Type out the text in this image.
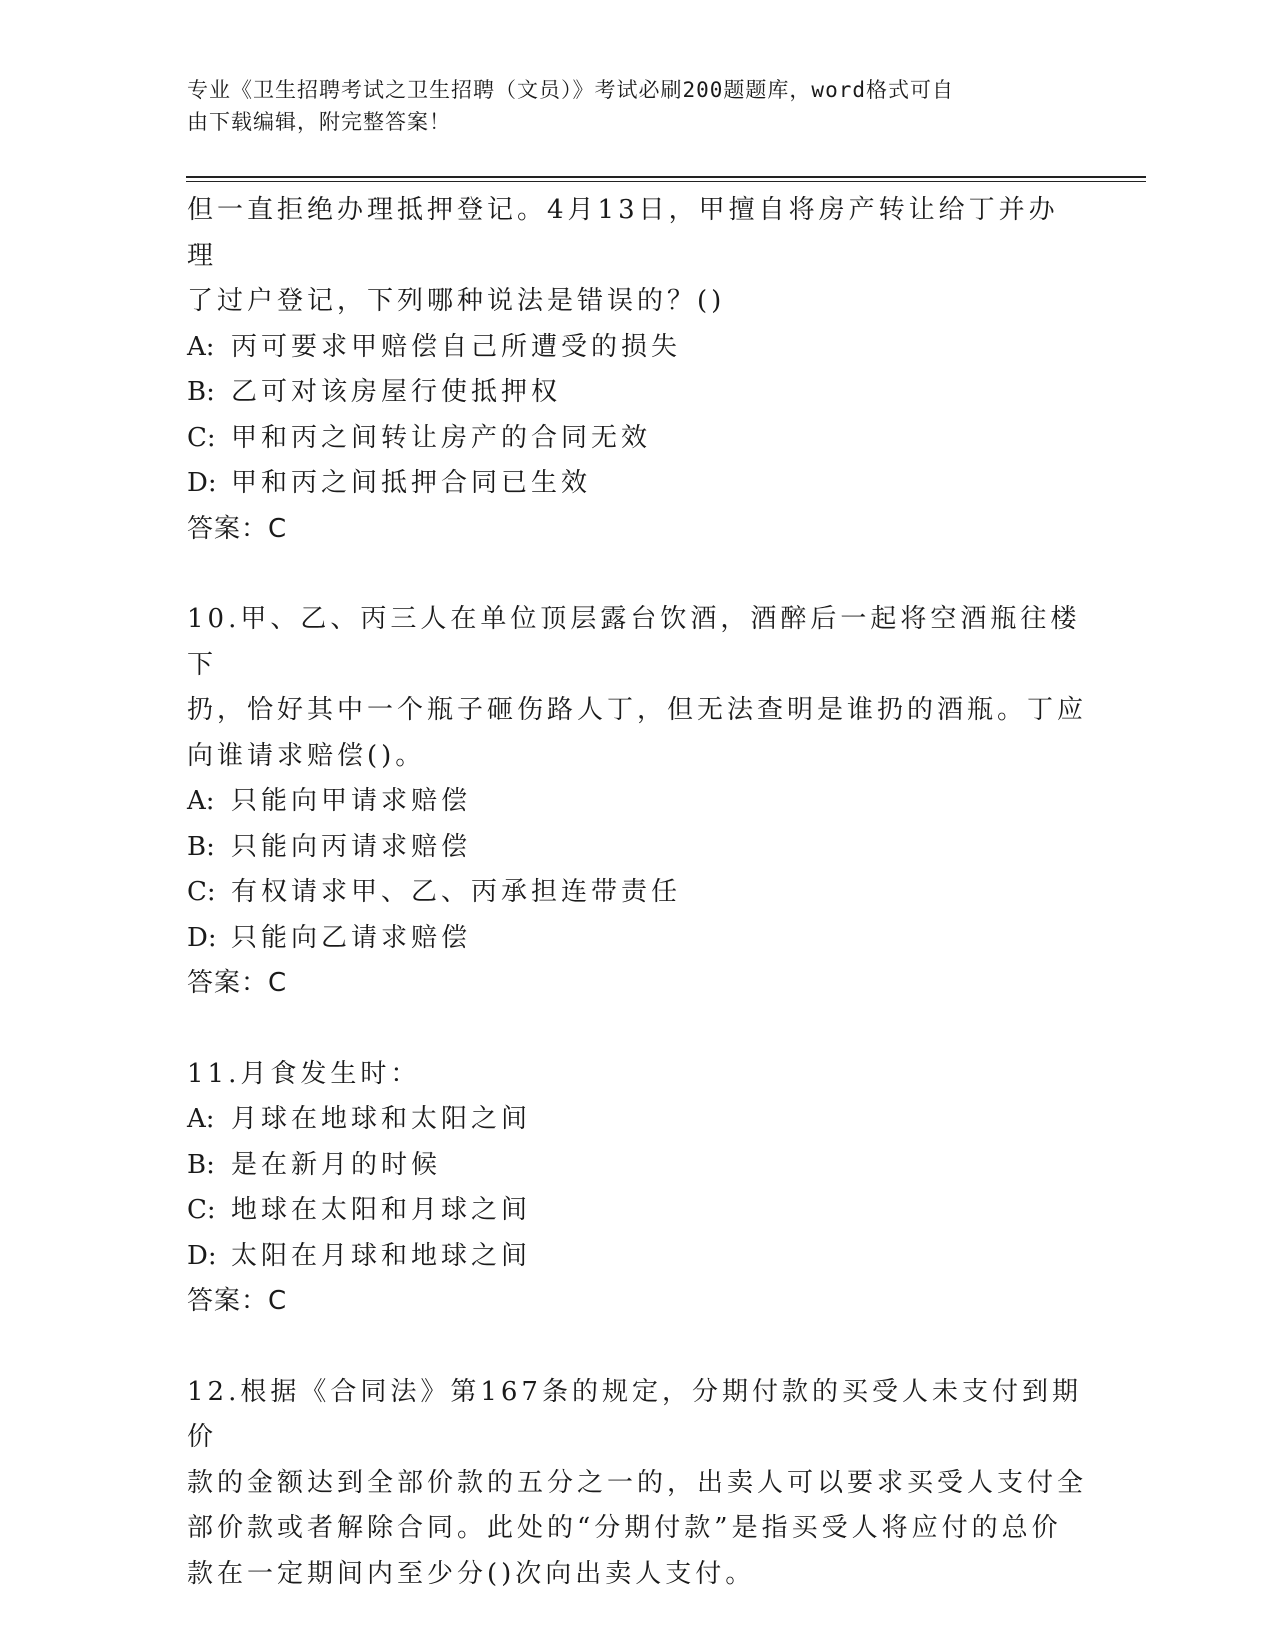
专业《卫生招聘考试之卫生招聘（文员）》考试必刷200题题库，word格式可自
由下载编辑，附完整答案！

但一直拒绝办理抵押登记。4月13日，甲擅自将房产转让给丁并办理

了过户登记，下列哪种说法是错误的？()

A: 丙可要求甲赔偿自己所遭受的损失

B: 乙可对该房屋行使抵押权

C: 甲和丙之间转让房产的合同无效

D: 甲和丙之间抵押合同已生效

答案：C

10.甲、乙、丙三人在单位顶层露台饮酒，酒醉后一起将空酒瓶往楼下

扔，恰好其中一个瓶子砸伤路人丁，但无法查明是谁扔的酒瓶。丁应

向谁请求赔偿()。

A: 只能向甲请求赔偿

B: 只能向丙请求赔偿

C: 有权请求甲、乙、丙承担连带责任

D: 只能向乙请求赔偿

答案：C

11.月食发生时：

A: 月球在地球和太阳之间

B: 是在新月的时候

C: 地球在太阳和月球之间

D: 太阳在月球和地球之间

答案：C

12.根据《合同法》第167条的规定，分期付款的买受人未支付到期价

款的金额达到全部价款的五分之一的，出卖人可以要求买受人支付全

部价款或者解除合同。此处的“分期付款”是指买受人将应付的总价

款在一定期间内至少分()次向出卖人支付。
